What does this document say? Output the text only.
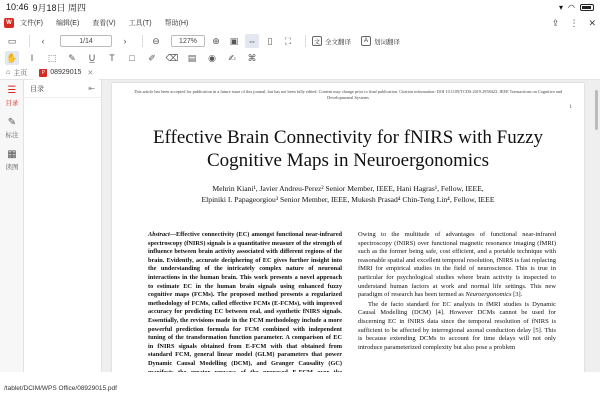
10:46 9月18日 周四	▾ ◠
W	文件(F) 编辑(E) 查看(V) 工具(T) 帮助(H)	⇪ ⋮ ✕
▭	‹	1/14	›	⊖	127%	⊕	▣	⇔	▯	⛶	文 全文翻译	A 划词翻译
✋	I	⬚	✎	U̲	T	□	✐	⌫	▤	◉	✍	⌘
⌂ 主页	P 08929015 ✕
☰
目录
✎
标注
▦
读图
目录	⇤	This article has been accepted for publication in a future issue of this journal, but has not been fully edited. Content may change prior to final publication. Citation information: DOI 10.1109/TCDS.2019.2958423, IEEE Transactions on Cognitive and Developmental Systems
1
Effective Brain Connectivity for fNIRS with Fuzzy Cognitive Maps in Neuroergonomics
Mehrin Kiani¹, Javier Andreu-Perez² Senior Member, IEEE, Hani Hagras¹, Fellow, IEEE,
Elpiniki I. Papageorgiou³ Senior Member, IEEE, Mukesh Prasad⁴ Chin-Teng Lin⁴, Fellow, IEEE
Abstract—Effective connectivity (EC) amongst functional near-infrared spectroscopy (fNIRS) signals is a quantitative measure of the strength of influence between brain activity associated with different regions of the brain. Evidently, accurate deciphering of EC gives further insight into the understanding of the intricately complex nature of neuronal interactions in the human brain. This work presents a novel approach to estimate EC in the human brain signals using enhanced fuzzy cognitive maps (FCMs). The proposed method presents a regularized methodology of FCMs, called effective FCMs (E-FCMs), with improved accuracy for predicting EC between real, and synthetic fNIRS signals. Essentially, the revisions made in the FCM methodology include a more powerful prediction formula for FCM combined with independent tuning of the transformation function parameter. A comparison of EC in fNIRS signals obtained from E-FCM with that obtained from standard FCM, general linear model (GLM) parameters that power Dynamic Causal Modelling (DCM), and Granger Causality (GC)

Owing to the multitude of advantages of functional near-infrared spectroscopy (fNIRS) over functional magnetic resonance imaging (fMRI) such as the former being safe, cost efficient, and a portable technique with reasonable spatial and excellent temporal resolution, fNIRS is fast replacing fMRI for empirical studies in the field of neuroscience. This is true in particular for psychological studies where brain activity is inspected to understand human factors at work and normal life settings. This new paradigm of research has been termed as Neuroergonomics [3].

The de facto standard for EC analysis in fMRI studies is Dynamic Causal Modelling (DCM) [4]. However DCMs cannot be used for discerning EC in fNIRS data since the temporal resolution of fNIRS is sufficient to be affected by interregional axonal conduction delay [5]. This is because extending DCMs to account for time delays will not only introduce parameterized complexity but also pose a problem

/tablet/DCIM/WPS Office/08929015.pdf
